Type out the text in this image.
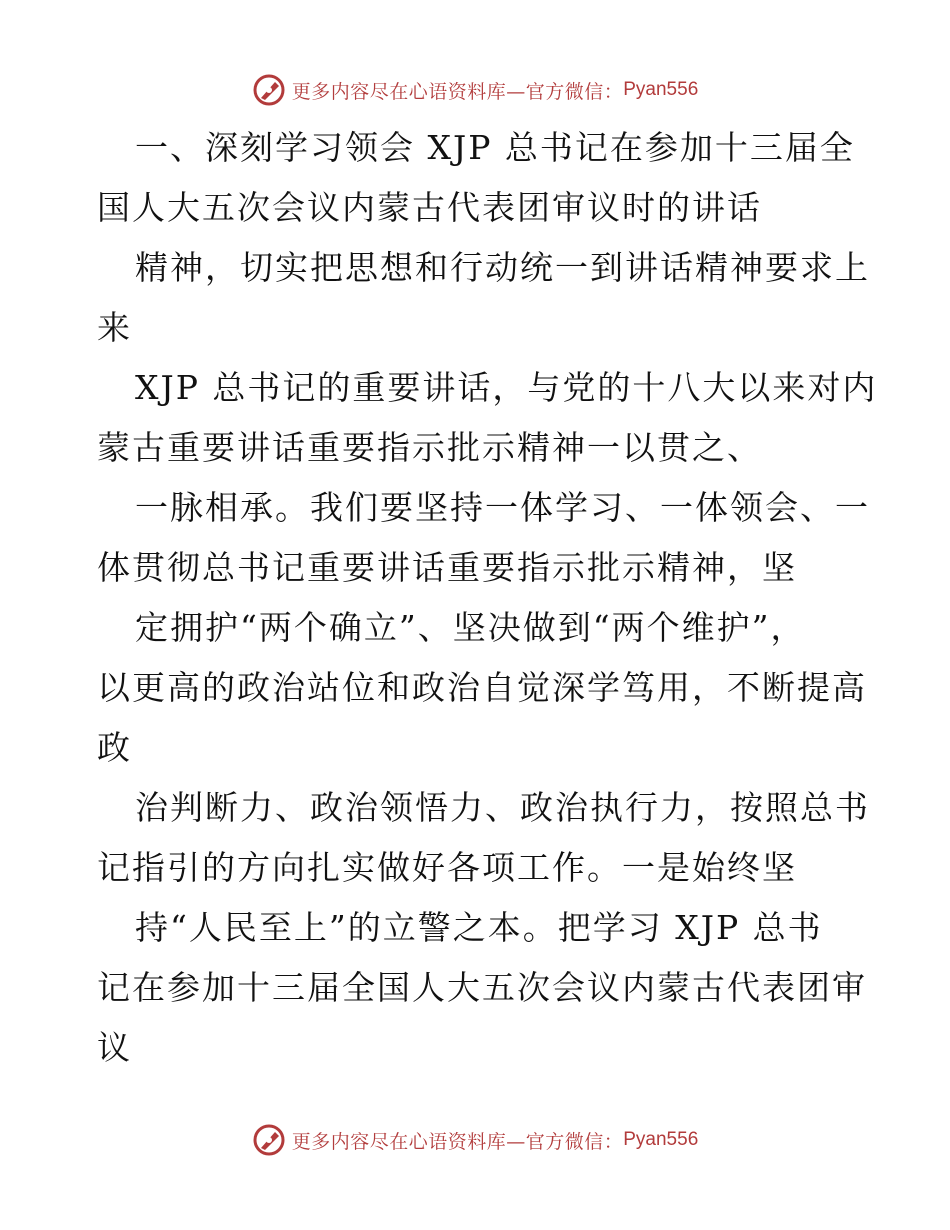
更多内容尽在心语资料库—官方微信： Pyan556
一、深刻学习领会 XJP 总书记在参加十三届全
国人大五次会议内蒙古代表团审议时的讲话
精神，切实把思想和行动统一到讲话精神要求上
来
XJP 总书记的重要讲话，与党的十八大以来对内
蒙古重要讲话重要指示批示精神一以贯之、
一脉相承。我们要坚持一体学习、一体领会、一
体贯彻总书记重要讲话重要指示批示精神，坚
定拥护“两个确立”、坚决做到“两个维护”，
以更高的政治站位和政治自觉深学笃用，不断提高
政
治判断力、政治领悟力、政治执行力，按照总书
记指引的方向扎实做好各项工作。一是始终坚
持“人民至上”的立警之本。把学习 XJP 总书
记在参加十三届全国人大五次会议内蒙古代表团审
议
更多内容尽在心语资料库—官方微信： Pyan556
